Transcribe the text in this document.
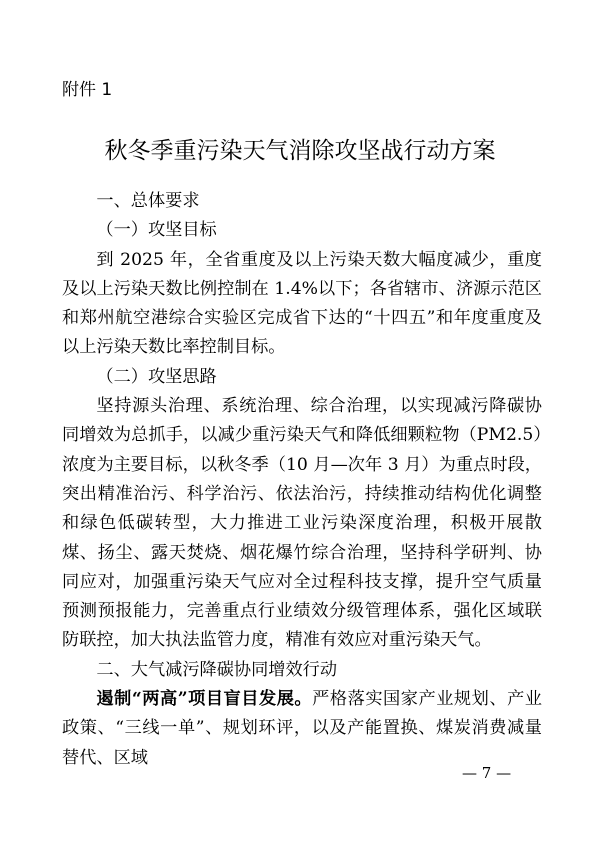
附件 1
秋冬季重污染天气消除攻坚战行动方案

一、总体要求

（一）攻坚目标

到 2025 年，全省重度及以上污染天数大幅度减少，重度及以上污染天数比例控制在 1.4%以下；各省辖市、济源示范区和郑州航空港综合实验区完成省下达的“十四五”和年度重度及以上污染天数比率控制目标。

（二）攻坚思路

坚持源头治理、系统治理、综合治理，以实现减污降碳协同增效为总抓手，以减少重污染天气和降低细颗粒物（PM2.5）浓度为主要目标，以秋冬季（10 月—次年 3 月）为重点时段，突出精准治污、科学治污、依法治污，持续推动结构优化调整和绿色低碳转型，大力推进工业污染深度治理，积极开展散煤、扬尘、露天焚烧、烟花爆竹综合治理，坚持科学研判、协同应对，加强重污染天气应对全过程科技支撑，提升空气质量预测预报能力，完善重点行业绩效分级管理体系，强化区域联防联控，加大执法监管力度，精准有效应对重污染天气。

二、大气减污降碳协同增效行动

遏制“两高”项目盲目发展。严格落实国家产业规划、产业政策、“三线一单”、规划环评，以及产能置换、煤炭消费减量替代、区域

— 7 —
